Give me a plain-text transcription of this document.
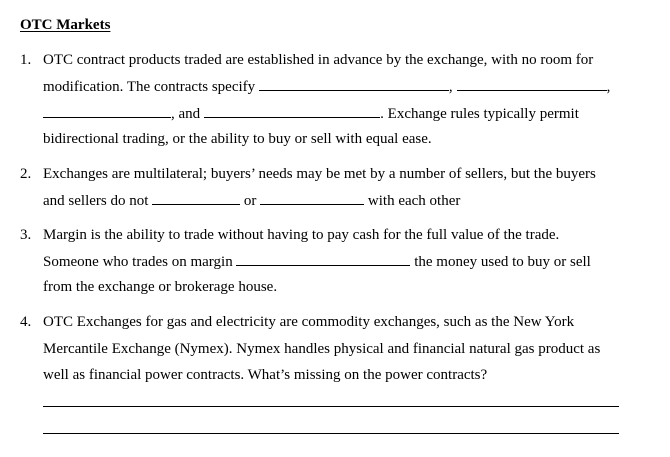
OTC Markets
1. OTC contract products traded are established in advance by the exchange, with no room for
modification. The contracts specify	,	,
, and	. Exchange rules typically permit
bidirectional trading, or the ability to buy or sell with equal ease.
2. Exchanges are multilateral; buyers’ needs may be met by a number of sellers, but the buyers
and sellers do not	or	with each other
3. Margin is the ability to trade without having to pay cash for the full value of the trade.
Someone who trades on margin	the money used to buy or sell
from the exchange or brokerage house.
4. OTC Exchanges for gas and electricity are commodity exchanges, such as the New York
Mercantile Exchange (Nymex). Nymex handles physical and financial natural gas product as
well as financial power contracts. What’s missing on the power contracts?
